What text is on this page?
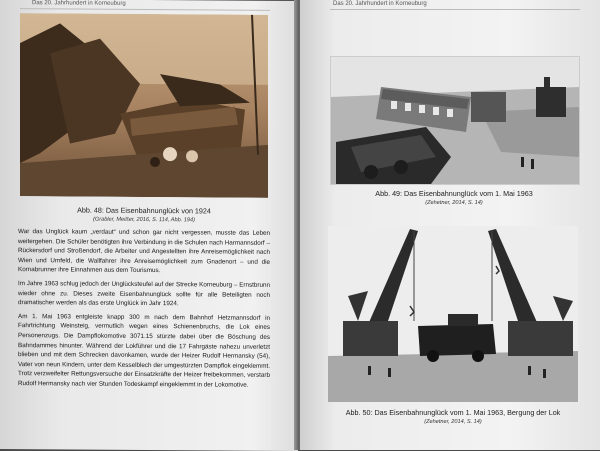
Das 20. Jahrhundert in Korneuburg
Abb. 48: Das Eisenbahnunglück von 1924
(Grabler, Meißer, 2016, S. 114, Abb. 194)

War das Unglück kaum „verdaut“ und schon gar nicht vergessen, musste das Leben weitergehen. Die Schüler benötigten ihre Verbindung in die Schulen nach Harmannsdorf – Rückersdorf und Stroßendorf, die Arbeiter und Angestellten ihre Anreisemöglichkeit nach Wien und Umfeld, die Wallfahrer ihre Anreisemöglichkeit zum Gnadenort – und die Kornabrunner ihre Einnahmen aus dem Tourismus.

Im Jahre 1963 schlug jedoch der Unglücksteufel auf der Strecke Korneuburg – Ernstbrunn wieder ohne zu. Dieses zweite Eisenbahnunglück sollte für alle Beteiligten noch dramatischer werden als das erste Unglück im Jahr 1924.

Am 1. Mai 1963 entgleiste knapp 300 m nach dem Bahnhof Hetzmannsdorf in Fahrtrichtung Weinsteig, vermutlich wegen eines Schienenbruchs, die Lok eines Personenzugs. Die Dampflokomotive 3071.15 stürzte dabei über die Böschung des Bahndammes hinunter. Während der Lokführer und die 17 Fahrgäste nahezu unverletzt blieben und mit dem Schrecken davonkamen, wurde der Heizer Rudolf Hermansky (54), Vater von neun Kindern, unter dem Kesselblech der umgestürzten Dampflok eingeklemmt. Trotz verzweifelter Rettungsversuche der Einsatzkräfte der Heizer freibekommen, verstarb Rudolf Hermansky nach vier Stunden Todeskampf eingeklemmt in der Lokomotive.

Das 20. Jahrhundert in Korneuburg
Abb. 49: Das Eisenbahnunglück vom 1. Mai 1963
(Zehetner, 2014, S. 14)
Abb. 50: Das Eisenbahnunglück vom 1. Mai 1963, Bergung der Lok
(Zehetner, 2014, S. 14)
